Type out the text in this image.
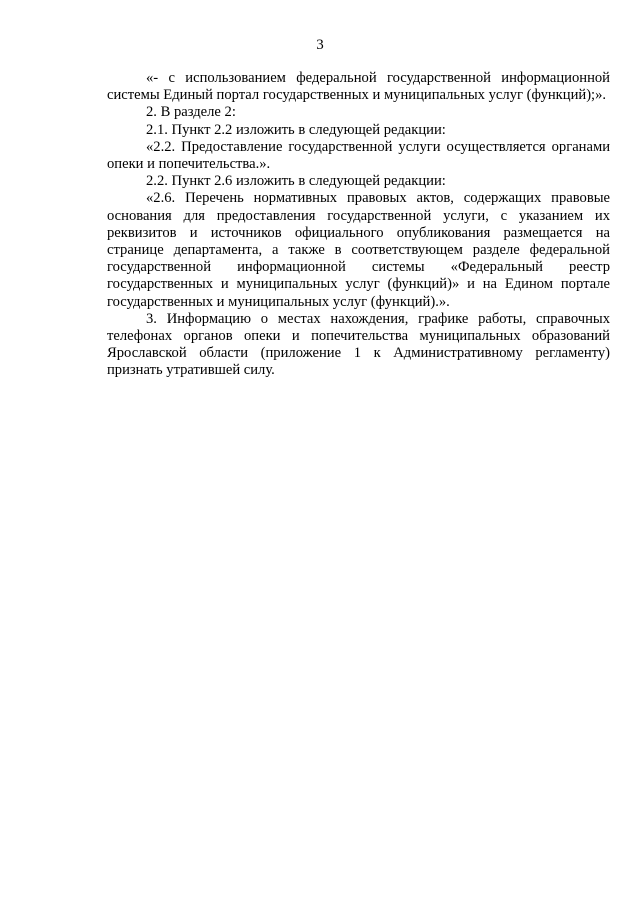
3

«- с использованием федеральной государственной информационной системы Единый портал государственных и муниципальных услуг (функций);».

2. В разделе 2:

2.1. Пункт 2.2 изложить в следующей редакции:

«2.2. Предоставление государственной услуги осуществляется органами опеки и попечительства.».

2.2. Пункт 2.6 изложить в следующей редакции:

«2.6. Перечень нормативных правовых актов, содержащих правовые основания для предоставления государственной услуги, с указанием их реквизитов и источников официального опубликования размещается на странице департамента, а также в соответствующем разделе федеральной государственной информационной системы «Федеральный реестр государственных и муниципальных услуг (функций)» и на Едином портале государственных и муниципальных услуг (функций).».

3. Информацию о местах нахождения, графике работы, справочных телефонах органов опеки и попечительства муниципальных образований Ярославской области (приложение 1 к Административному регламенту) признать утратившей силу.
